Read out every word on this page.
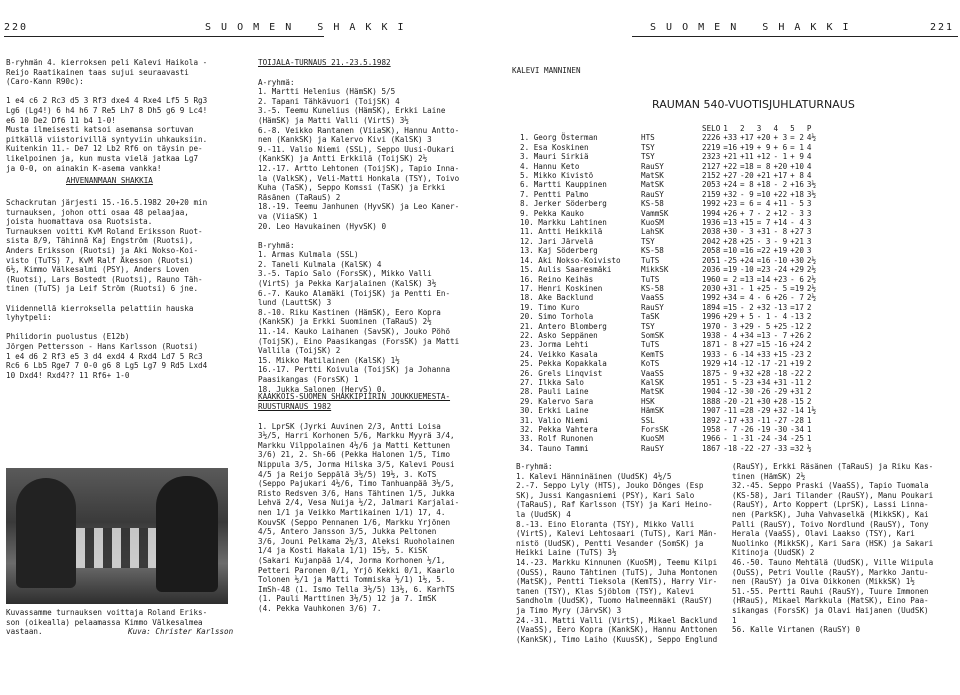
220	S U O M E N   S H A K K I
B-ryhmän 4. kierroksen peli Kalevi Haikola -
Reijo Raatikainen taas sujui seuraavasti
(Caro-Kann R90c):

1 e4 c6 2 Rc3 d5 3 Rf3 dxe4 4 Rxe4 Lf5 5 Rg3
Lg6 (Lg4!) 6 h4 h6 7 Re5 Lh7 8 Dh5 g6 9 Lc4!
e6 10 De2 Df6 11 b4 1-0!
Musta ilmeisesti katsoi asemansa sortuvan
pitkällä viistorivillä syntyviin uhkauksiin.
Kuitenkin 11.- De7 12 Lb2 Rf6 on täysin pe-
likelpoinen ja, kun musta vielä jatkaa Lg7
ja 0-0, on ainakin K-asema vankka!
AHVENANMAAN SHAKKIA
Schackrutan järjesti 15.-16.5.1982 20+20 min
turnauksen, johon otti osaa 48 pelaajaa,
joista huomattava osa Ruotsista.
Turnauksen voitti KvM Roland Eriksson Ruot-
sista 8/9, Tähinnä Kaj Engström (Ruotsi),
Anders Eriksson (Ruotsi) ja Aki Nokso-Koi-
visto (TuTS) 7, KvM Ralf Åkesson (Ruotsi)
6½, Kimmo Välkesalmi (PSY), Anders Loven
(Ruotsi), Lars Bostedt (Ruotsi), Rauno Täh-
tinen (TuTS) ja Leif Ström (Ruotsi) 6 jne.

Viidennellä kierroksella pelattiin hauska
lyhytpeli:

Philidorin puolustus (E12b)
Jörgen Pettersson - Hans Karlsson (Ruotsi)
1 e4 d6 2 Rf3 e5 3 d4 exd4 4 Rxd4 Ld7 5 Rc3
Rc6 6 Lb5 Rge7 7 0-0 g6 8 Lg5 Lg7 9 Rd5 Lxd4
10 Dxd4! Rxd4?? 11 Rf6+ 1-0
Kuvassamme turnauksen voittaja Roland Eriks-
son (oikealla) pelaamassa Kimmo Välkesalmea
vastaan.	Kuva: Christer Karlsson
TOIJALA-TURNAUS 21.-23.5.1982

A-ryhmä:
1. Martti Helenius (HämSK) 5/5
2. Tapani Tähkävuori (ToijSK) 4
3.-5. Teemu Kunelius (HämSK), Erkki Laine
(HämSK) ja Matti Valli (VirtS) 3½
6.-8. Veikko Rantanen (ViiaSK), Hannu Antto-
nen (KankSK) ja Kalervo Kivi (KalSK) 3
9.-11. Valio Niemi (SSL), Seppo Uusi-Oukari
(KankSK) ja Antti Erkkilä (ToijSK) 2½
12.-17. Artto Lehtonen (ToijSK), Tapio Inna-
la (ValkSK), Veli-Matti Honkala (TSY), Toivo
Kuha (TaSK), Seppo Komssi (TaSK) ja Erkki
Räsänen (TaRauS) 2
18.-19. Teemu Janhunen (HyvSK) ja Leo Kaner-
va (ViiaSK) 1
20. Leo Havukainen (HyvSK) 0

B-ryhmä:
1. Armas Kulmala (SSL)
2. Taneli Kulmala (KalSK) 4
3.-5. Tapio Salo (ForsSK), Mikko Valli
(VirtS) ja Pekka Karjalainen (KalSK) 3½
6.-7. Kauko Alamäki (ToijSK) ja Pentti En-
lund (LauttSK) 3
8.-10. Riku Kastinen (HämSK), Eero Kopra
(KankSK) ja Erkki Suominen (TaRauS) 2½
11.-14. Kauko Laihanen (SavSK), Jouko Pöhö
(ToijSK), Eino Paasikangas (ForsSK) ja Matti
Vallila (ToijSK) 2
15. Mikko Matilainen (KalSK) 1½
16.-17. Pertti Koivula (ToijSK) ja Johanna
Paasikangas (ForsSK) 1
18. Jukka Salonen (HervS) 0.
S U O M E N   S H A K K I	221
KALEVI MANNINEN
RAUMAN 540-VUOTISJUHLATURNAUS
		SELO	1	2	3	4	5	P
1. Georg Österman	HTS	2226	+33	+17	+20	+ 3	= 2	4½
2. Esa Koskinen	TSY	2219	=16	+19	+ 9	+ 6	= 1	4
3. Mauri Sirkiä	TSY	2323	+21	+11	+12	- 1	+ 9	4
4. Hannu Keto	RauSY	2127	+22	=18	= 8	+20	+10	4
5. Mikko Kivistö	MatSK	2152	+27	-20	+21	+17	+ 8	4
6. Martti Kauppinen	MatSK	2053	+24	= 8	+18	- 2	+16	3½
7. Pentti Palmo	RauSY	2159	+32	- 9	=10	+22	+18	3½
8. Jerker Söderberg	KS-58	1992	+23	= 6	= 4	+11	- 5	3
9. Pekka Kauko	VammSK	1994	+26	+ 7	- 2	+12	- 3	3
10. Markku Lahtinen	KuoSM	1936	=13	+15	= 7	+14	- 4	3
11. Antti Heikkilä	LahSK	2038	+30	- 3	+31	- 8	+27	3
12. Jari Järvelä	TSY	2042	+28	+25	- 3	- 9	+21	3
13. Kaj Söderberg	KS-58	2058	=10	=16	=22	+19	+20	3
14. Aki Nokso-Koivisto	TuTS	2051	-25	+24	=16	-10	+30	2½
15. Aulis Saaresmäki	MikkSK	2036	=19	-10	=23	-24	+29	2½
16. Reino Keihäs	TuTS	1960	= 2	=13	=14	+23	- 6	2½
17. Henri Koskinen	KS-58	2030	+31	- 1	+25	- 5	=19	2½
18. Ake Backlund	VaaSS	1992	+34	= 4	- 6	+26	- 7	2½
19. Timo Kuro	RauSY	1894	=15	- 2	+32	-13	=17	2
20. Simo Torhola	TaSK	1996	+29	+ 5	- 1	- 4	-13	2
21. Antero Blomberg	TSY	1970	- 3	+29	- 5	+25	-12	2
22. Asko Seppänen	SomSK	1938	- 4	+34	=13	- 7	+26	2
23. Jorma Lehti	TuTS	1871	- 8	+27	=15	-16	+24	2
24. Veikko Kasala	KemTS	1933	- 6	-14	+33	+15	-23	2
25. Pekka Kopakkala	KoTS	1929	+14	-12	-17	-21	+19	2
26. Grels Linqvist	VaaSS	1875	- 9	+32	+28	-18	-22	2
27. Ilkka Salo	KalSK	1951	- 5	-23	+34	+31	-11	2
28. Pauli Laine	MatSK	1904	-12	-30	-26	-29	+31	2
29. Kalervo Sara	HSK	1888	-20	-21	+30	+28	-15	2
30. Erkki Laine	HämSK	1907	-11	=28	-29	+32	-14	1½
31. Valio Niemi	SSL	1892	-17	+33	-11	-27	-28	1
32. Pekka Vahtera	ForsSK	1958	- 7	-26	-19	-30	-34	1
33. Rolf Runonen	KuoSM	1966	- 1	-31	-24	-34	-25	1
34. Tauno Tammi	RauSY	1867	-18	-22	-27	-33	=32	½
B-ryhmä:
1. Kalevi Hänninäinen (UudSK) 4½/5
2.-7. Seppo Lyly (HTS), Jouko Dönges (Esp
SK), Jussi Kangasniemi (PSY), Kari Salo
(TaRauS), Raf Karlsson (TSY) ja Kari Heino-
la (UudSK) 4
8.-13. Eino Eloranta (TSY), Mikko Valli
(VirtS), Kalevi Lehtosaari (TuTS), Kari Män-
nistö (UudSK), Pentti Vesander (SomSK) ja
Heikki Laine (TuTS) 3½
14.-23. Markku Kinnunen (KuoSM), Teemu Kilpi
(OuSS), Rauno Tähtinen (TuTS), Juha Montonen
(MatSK), Pentti Tieksola (KemTS), Harry Vir-
tanen (TSY), Klas Sjöblom (TSY), Kalevi
Sandholm (UudSK), Tuomo Halmeenmäki (RauSY)
ja Timo Myry (JärvSK) 3
24.-31. Matti Valli (VirtS), Mikael Backlund
(VaaSS), Eero Kopra (KankSK), Hannu Anttonen
(KankSK), Timo Laiho (KuusSK), Seppo Englund
(RauSY), Erkki Räsänen (TaRauS) ja Riku Kas-
tinen (HämSK) 2½
32.-45. Seppo Praski (VaaSS), Tapio Tuomala
(KS-58), Jari Tilander (RauSY), Manu Poukari
(RauSY), Arto Koppert (LprSK), Lassi Linna-
nen (ParkSK), Juha Vahvaselkä (MikkSK), Kai
Palli (RauSY), Toivo Nordlund (RauSY), Tony
Herala (VaaSS), Olavi Laakso (TSY), Kari
Nuolinko (MikkSK), Kari Sara (HSK) ja Sakari
Kitinoja (UudSK) 2
46.-50. Tauno Mehtälä (UudSK), Ville Wiipula
(OuSS), Petri Voulle (RauSY), Markko Jantu-
nen (RauSY) ja Oiva Oikkonen (MikkSK) 1½
51.-55. Pertti Rauhi (RauSY), Tuure Immonen
(HRauS), Mikael Markkula (MatSK), Eino Paa-
sikangas (ForsSK) ja Olavi Haijanen (UudSK)
1
56. Kalle Virtanen (RauSY) 0
KAAKKOIS-SUOMEN SHAKKIPIIRIN JOUKKUEMESTA-
RUUSTURNAUS 1982

1. LprSK (Jyrki Auvinen 2/3, Antti Loisa
3½/5, Harri Korhonen 5/6, Markku Myyrä 3/4,
Markku Vilppolainen 4½/6 ja Matti Kettunen
3/6) 21, 2. Sh-66 (Pekka Halonen 1/5, Timo
Nippula 3/5, Jorma Hilska 3/5, Kalevi Pousi
4/5 ja Reijo Seppälä 3½/5) 19½, 3. KoTS
(Seppo Pajukari 4½/6, Timo Tanhuanpää 3½/5,
Risto Redsven 3/6, Hans Tähtinen 1/5, Jukka
Lehvä 2/4, Vesa Nuija ½/2, Jalmari Karjalai-
nen 1/1 ja Veikko Martikainen 1/1) 17, 4.
KouvSK (Seppo Pennanen 1/6, Markku Yrjönen
4/5, Antero Jansson 3/5, Jukka Peltonen
3/6, Jouni Pelkama 2½/3, Aleksi Ruoholainen
1/4 ja Kosti Hakala 1/1) 15½, 5. KiSK
(Sakari Kujanpää 1/4, Jorma Korhonen ½/1,
Petteri Paronen 0/1, Yrjö Kekki 0/1, Kaarlo
Tolonen ½/1 ja Matti Tommiska ½/1) 1½, 5.
ImSh-48 (1. Ismo Tella 3½/5) 13½, 6. KarhTS
(1. Pauli Marttinen 3½/5) 12 ja 7. ImSK
(4. Pekka Vauhkonen 3/6) 7.
